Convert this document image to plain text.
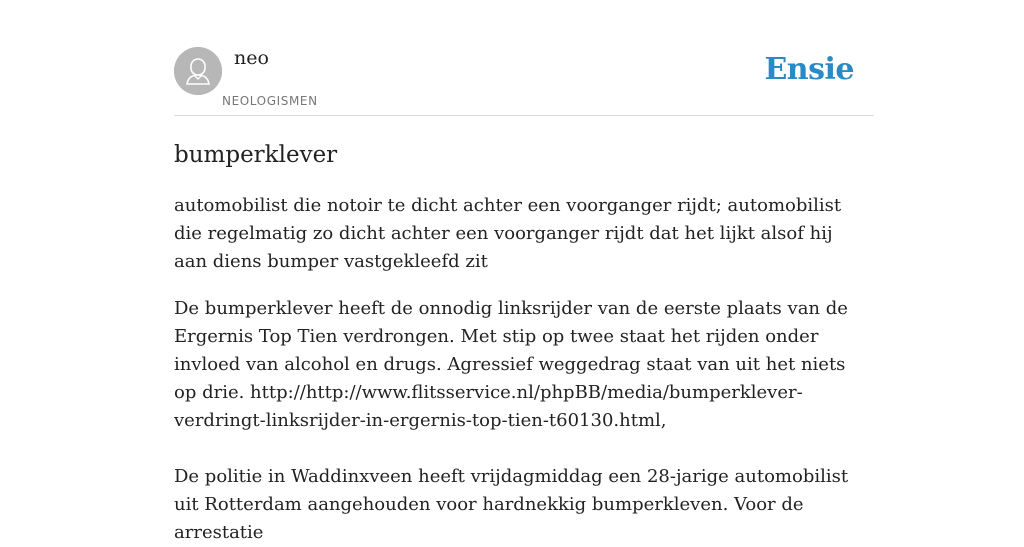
neo
NEOLOGISMEN
Ensie
bumperklever

automobilist die notoir te dicht achter een voorganger rijdt; automobilist die regelmatig zo dicht achter een voorganger rijdt dat het lijkt alsof hij aan diens bumper vastgekleefd zit

De bumperklever heeft de onnodig linksrijder van de eerste plaats van de Ergernis Top Tien verdrongen. Met stip op twee staat het rijden onder invloed van alcohol en drugs. Agressief weggedrag staat van uit het niets op drie. http://http://www.flitsservice.nl/phpBB/media/bumperklever-verdringt-linksrijder-in-ergernis-top-tien-t60130.html,

De politie in Waddinxveen heeft vrijdagmiddag een 28-jarige automobilist uit Rotterdam aangehouden voor hardnekkig bumperkleven. Voor de arrestatie
